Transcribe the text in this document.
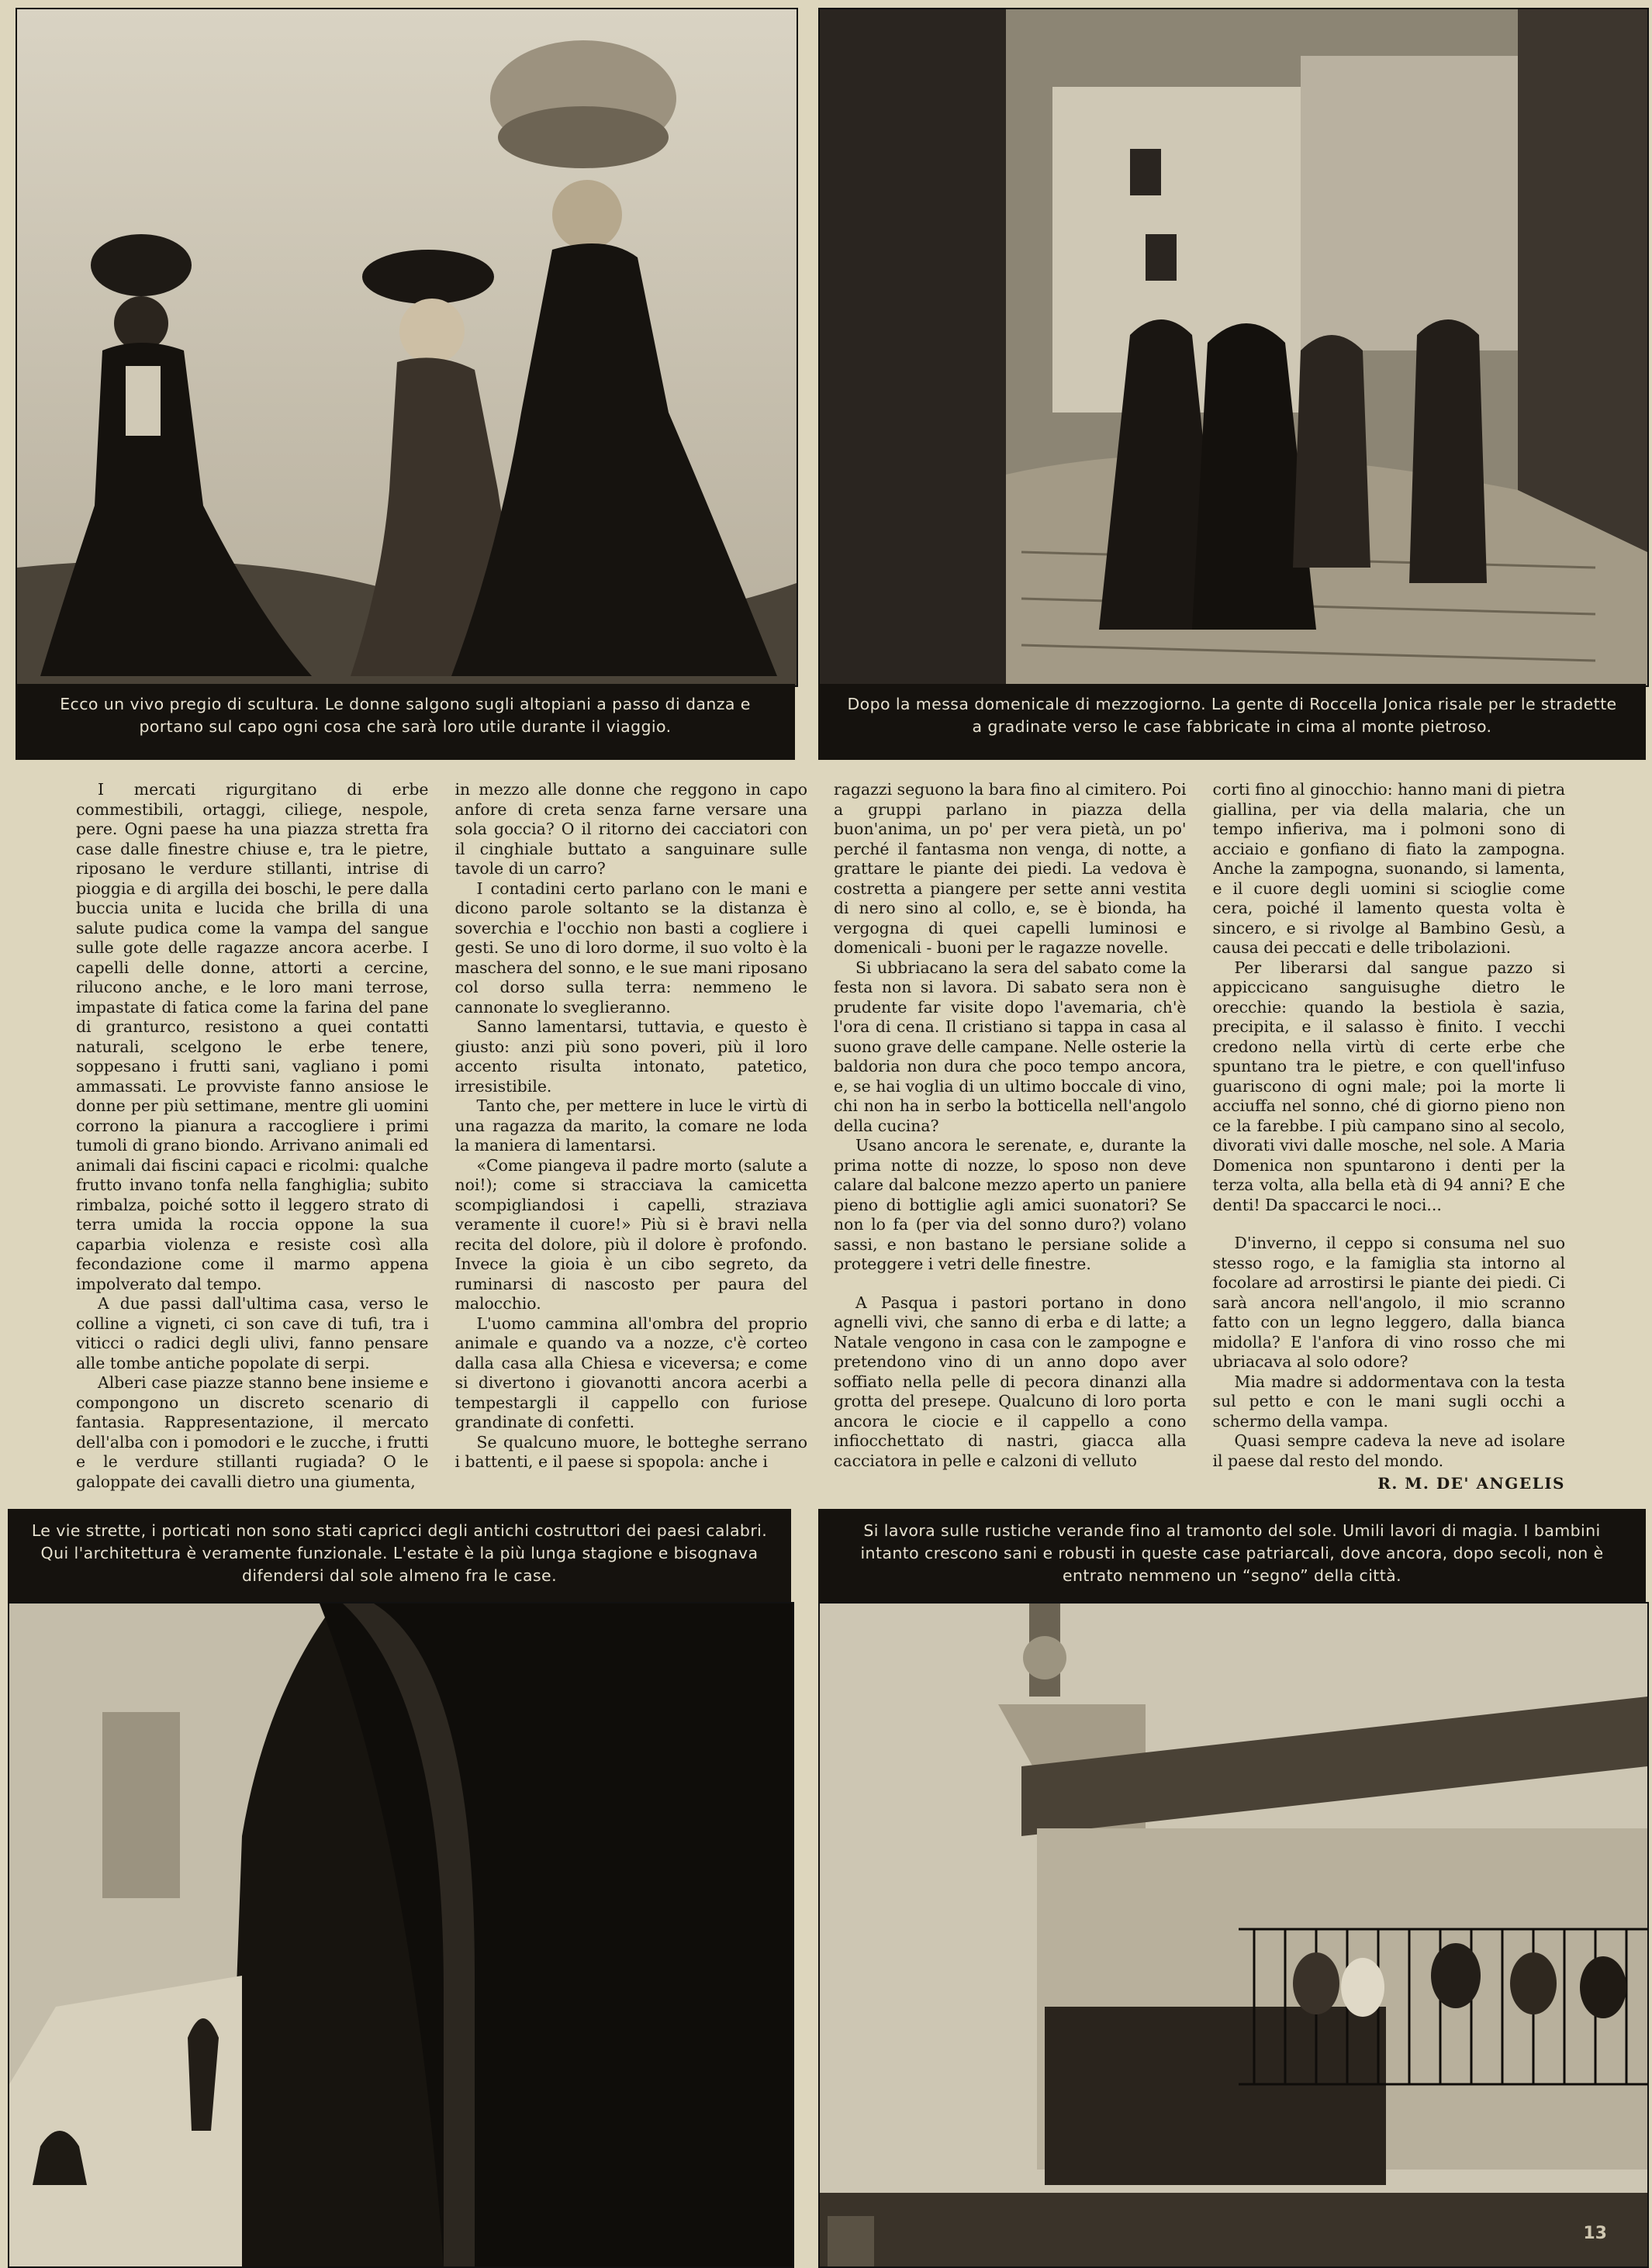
Ecco un vivo pregio di scultura. Le donne salgono sugli altopiani a passo di danza e portano sul capo ogni cosa che sarà loro utile durante il viaggio.
Dopo la messa domenicale di mezzogiorno. La gente di Roccella Jonica risale per le stradette a gradinate verso le case fabbricate in cima al monte pietroso.

I mercati rigurgitano di erbe commestibili, ortaggi, ciliege, nespole, pere. Ogni paese ha una piazza stretta fra case dalle finestre chiuse e, tra le pietre, riposano le verdure stillanti, intrise di pioggia e di argilla dei boschi, le pere dalla buccia unita e lucida che brilla di una salute pudica come la vampa del sangue sulle gote delle ragazze ancora acerbe. I capelli delle donne, attorti a cercine, rilucono anche, e le loro mani terrose, impastate di fatica come la farina del pane di granturco, resistono a quei contatti naturali, scelgono le erbe tenere, soppesano i frutti sani, vagliano i pomi ammassati. Le provviste fanno ansiose le donne per più settimane, mentre gli uomini corrono la pianura a raccogliere i primi tumoli di grano biondo. Arrivano animali ed animali dai fiscini capaci e ricolmi: qualche frutto invano tonfa nella fanghiglia; subito rimbalza, poiché sotto il leggero strato di terra umida la roccia oppone la sua caparbia violenza e resiste così alla fecondazione come il marmo appena impolverato dal tempo.

A due passi dall'ultima casa, verso le colline a vigneti, ci son cave di tufi, tra i viticci o radici degli ulivi, fanno pensare alle tombe antiche popolate di serpi.

Alberi case piazze stanno bene insieme e compongono un discreto scenario di fantasia. Rappresentazione, il mercato dell'alba con i pomodori e le zucche, i frutti e le verdure stillanti rugiada? O le galoppate dei cavalli dietro una giumenta,

in mezzo alle donne che reggono in capo anfore di creta senza farne versare una sola goccia? O il ritorno dei cacciatori con il cinghiale buttato a sanguinare sulle tavole di un carro?

I contadini certo parlano con le mani e dicono parole soltanto se la distanza è soverchia e l'occhio non basti a cogliere i gesti. Se uno di loro dorme, il suo volto è la maschera del sonno, e le sue mani riposano col dorso sulla terra: nemmeno le cannonate lo sveglieranno.

Sanno lamentarsi, tuttavia, e questo è giusto: anzi più sono poveri, più il loro accento risulta intonato, patetico, irresistibile.

Tanto che, per mettere in luce le virtù di una ragazza da marito, la comare ne loda la maniera di lamentarsi.

«Come piangeva il padre morto (salute a noi!); come si stracciava la camicetta scompigliandosi i capelli, straziava veramente il cuore!» Più si è bravi nella recita del dolore, più il dolore è profondo. Invece la gioia è un cibo segreto, da ruminarsi di nascosto per paura del malocchio.

L'uomo cammina all'ombra del proprio animale e quando va a nozze, c'è corteo dalla casa alla Chiesa e viceversa; e come si divertono i giovanotti ancora acerbi a tempestargli il cappello con furiose grandinate di confetti.

Se qualcuno muore, le botteghe serrano i battenti, e il paese si spopola: anche i

ragazzi seguono la bara fino al cimitero. Poi a gruppi parlano in piazza della buon'anima, un po' per vera pietà, un po' perché il fantasma non venga, di notte, a grattare le piante dei piedi. La vedova è costretta a piangere per sette anni vestita di nero sino al collo, e, se è bionda, ha vergogna di quei capelli luminosi e domenicali - buoni per le ragazze novelle.

Si ubbriacano la sera del sabato come la festa non si lavora. Di sabato sera non è prudente far visite dopo l'avemaria, ch'è l'ora di cena. Il cristiano si tappa in casa al suono grave delle campane. Nelle osterie la baldoria non dura che poco tempo ancora, e, se hai voglia di un ultimo boccale di vino, chi non ha in serbo la botticella nell'angolo della cucina?

Usano ancora le serenate, e, durante la prima notte di nozze, lo sposo non deve calare dal balcone mezzo aperto un paniere pieno di bottiglie agli amici suonatori? Se non lo fa (per via del sonno duro?) volano sassi, e non bastano le persiane solide a proteggere i vetri delle finestre.

A Pasqua i pastori portano in dono agnelli vivi, che sanno di erba e di latte; a Natale vengono in casa con le zampogne e pretendono vino di un anno dopo aver soffiato nella pelle di pecora dinanzi alla grotta del presepe. Qualcuno di loro porta ancora le ciocie e il cappello a cono infiocchettato di nastri, giacca alla cacciatora in pelle e calzoni di velluto

corti fino al ginocchio: hanno mani di pietra giallina, per via della malaria, che un tempo infieriva, ma i polmoni sono di acciaio e gonfiano di fiato la zampogna. Anche la zampogna, suonando, si lamenta, e il cuore degli uomini si scioglie come cera, poiché il lamento questa volta è sincero, e si rivolge al Bambino Gesù, a causa dei peccati e delle tribolazioni.

Per liberarsi dal sangue pazzo si appiccicano sanguisughe dietro le orecchie: quando la bestiola è sazia, precipita, e il salasso è finito. I vecchi credono nella virtù di certe erbe che spuntano tra le pietre, e con quell'infuso guariscono di ogni male; poi la morte li acciuffa nel sonno, ché di giorno pieno non ce la farebbe. I più campano sino al secolo, divorati vivi dalle mosche, nel sole. A Maria Domenica non spuntarono i denti per la terza volta, alla bella età di 94 anni? E che denti! Da spaccarci le noci...

D'inverno, il ceppo si consuma nel suo stesso rogo, e la famiglia sta intorno al focolare ad arrostirsi le piante dei piedi. Ci sarà ancora nell'angolo, il mio scranno fatto con un legno leggero, dalla bianca midolla? E l'anfora di vino rosso che mi ubriacava al solo odore?

Mia madre si addormentava con la testa sul petto e con le mani sugli occhi a schermo della vampa.

Quasi sempre cadeva la neve ad isolare il paese dal resto del mondo.

R. M. DE' ANGELIS
Le vie strette, i porticati non sono stati capricci degli antichi costruttori dei paesi calabri. Qui l'architettura è veramente funzionale. L'estate è la più lunga stagione e bisognava difendersi dal sole almeno fra le case.
Si lavora sulle rustiche verande fino al tramonto del sole. Umili lavori di magia. I bambini intanto crescono sani e robusti in queste case patriarcali, dove ancora, dopo secoli, non è entrato nemmeno un “segno” della città.
13
